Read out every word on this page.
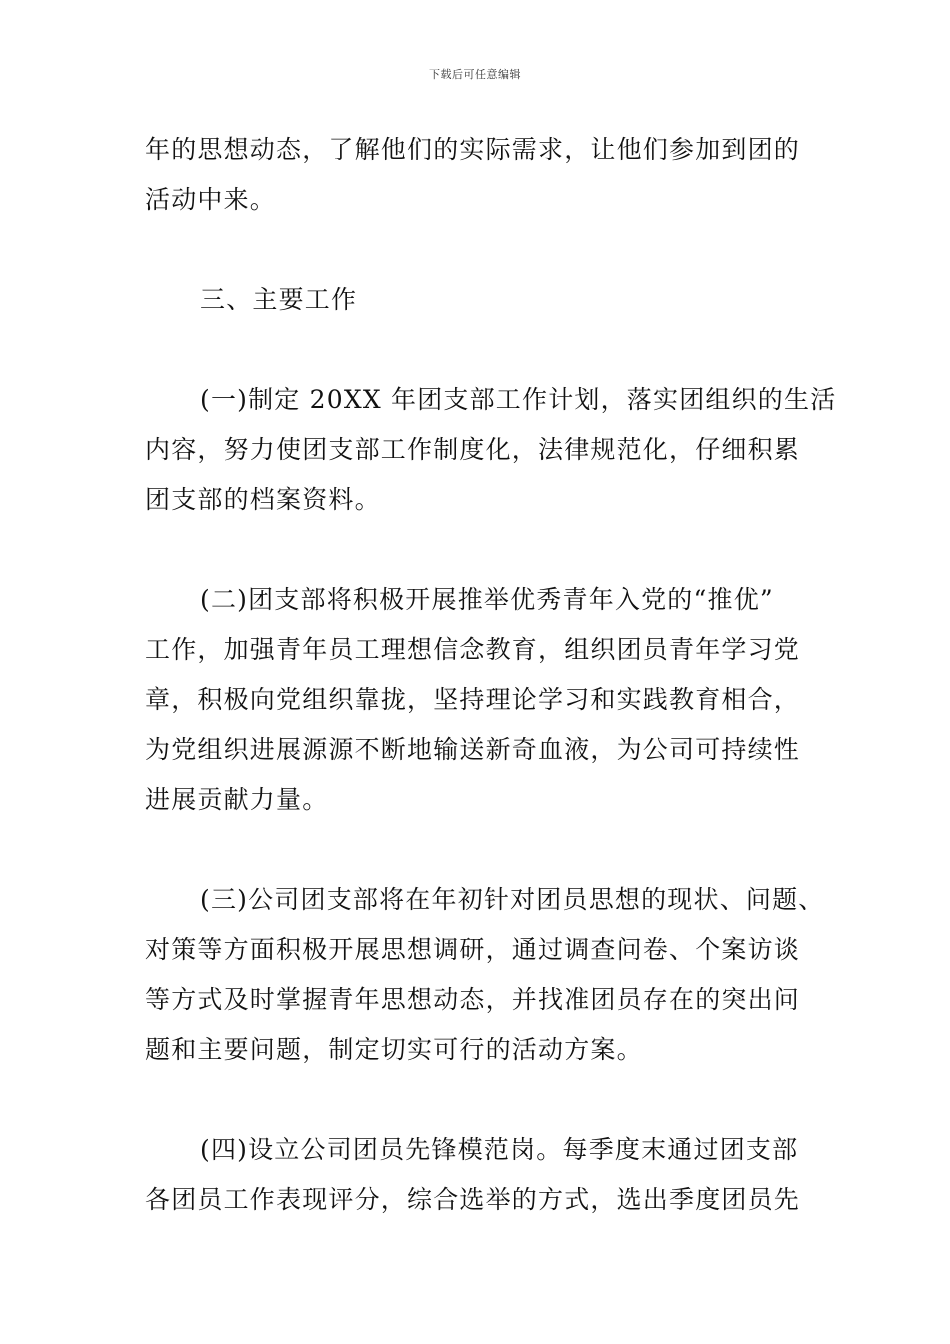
下载后可任意编辑
年的思想动态，了解他们的实际需求，让他们参加到团的
活动中来。
三、主要工作
(一)制定 20XX 年团支部工作计划，落实团组织的生活
内容，努力使团支部工作制度化，法律规范化，仔细积累
团支部的档案资料。
(二)团支部将积极开展推举优秀青年入党的“推优”
工作，加强青年员工理想信念教育，组织团员青年学习党
章，积极向党组织靠拢，坚持理论学习和实践教育相合，
为党组织进展源源不断地输送新奇血液，为公司可持续性
进展贡献力量。
(三)公司团支部将在年初针对团员思想的现状、问题、
对策等方面积极开展思想调研，通过调查问卷、个案访谈
等方式及时掌握青年思想动态，并找准团员存在的突出问
题和主要问题，制定切实可行的活动方案。
(四)设立公司团员先锋模范岗。每季度末通过团支部
各团员工作表现评分，综合选举的方式，选出季度团员先
